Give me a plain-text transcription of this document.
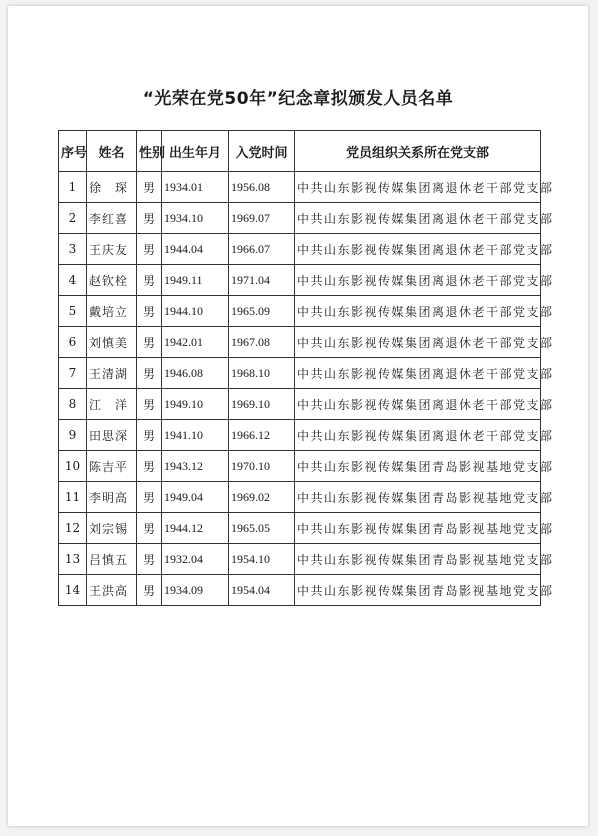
“光荣在党50年”纪念章拟颁发人员名单
序号	姓名	性别	出生年月	入党时间	党员组织关系所在党支部
1	徐　琛	男	1934.01	1956.08	中共山东影视传媒集团离退休老干部党支部
2	李红喜	男	1934.10	1969.07	中共山东影视传媒集团离退休老干部党支部
3	王庆友	男	1944.04	1966.07	中共山东影视传媒集团离退休老干部党支部
4	赵钦栓	男	1949.11	1971.04	中共山东影视传媒集团离退休老干部党支部
5	戴培立	男	1944.10	1965.09	中共山东影视传媒集团离退休老干部党支部
6	刘慎美	男	1942.01	1967.08	中共山东影视传媒集团离退休老干部党支部
7	王清湖	男	1946.08	1968.10	中共山东影视传媒集团离退休老干部党支部
8	江　洋	男	1949.10	1969.10	中共山东影视传媒集团离退休老干部党支部
9	田思深	男	1941.10	1966.12	中共山东影视传媒集团离退休老干部党支部
10	陈吉平	男	1943.12	1970.10	中共山东影视传媒集团青岛影视基地党支部
11	李明高	男	1949.04	1969.02	中共山东影视传媒集团青岛影视基地党支部
12	刘宗锡	男	1944.12	1965.05	中共山东影视传媒集团青岛影视基地党支部
13	吕慎五	男	1932.04	1954.10	中共山东影视传媒集团青岛影视基地党支部
14	王洪高	男	1934.09	1954.04	中共山东影视传媒集团青岛影视基地党支部
